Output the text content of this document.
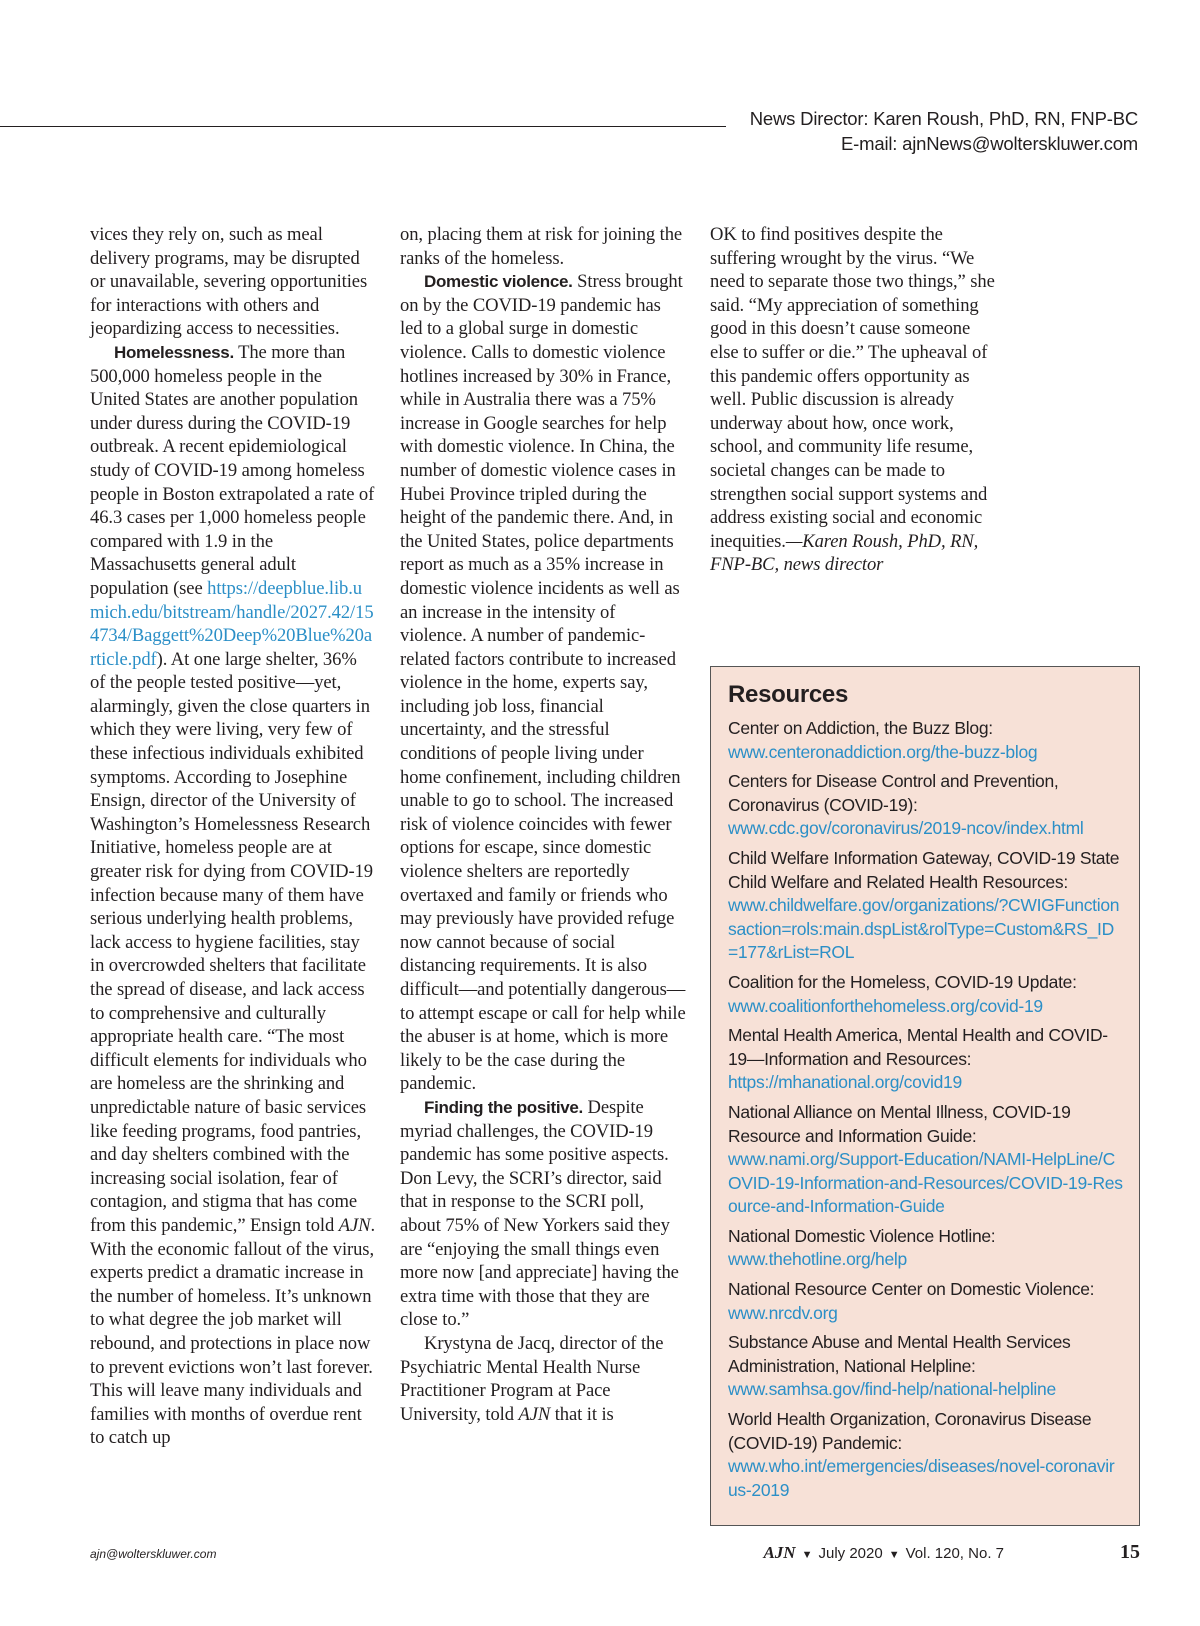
News Director: Karen Roush, PhD, RN, FNP-BC
E-mail: ajnNews@wolterskluwer.com

vices they rely on, such as meal delivery programs, may be disrupted or unavailable, severing opportunities for interactions with others and jeopardizing access to necessities.

Homelessness. The more than 500,000 homeless people in the United States are another population under duress during the COVID-19 outbreak. A recent epidemiological study of COVID-19 among homeless people in Boston extrapolated a rate of 46.3 cases per 1,000 homeless people compared with 1.9 in the Massachusetts general adult population (see https://deepblue.lib.umich.edu/bitstream/handle/2027.42/154734/Baggett%20Deep%20Blue%20article.pdf). At one large shelter, 36% of the people tested positive—yet, alarmingly, given the close quarters in which they were living, very few of these infectious individuals exhibited symptoms. According to Josephine Ensign, director of the University of Washington’s Homelessness Research Initiative, homeless people are at greater risk for dying from COVID-19 infection because many of them have serious underlying health problems, lack access to hygiene facilities, stay in overcrowded shelters that facilitate the spread of disease, and lack access to comprehensive and culturally appropriate health care. “The most difficult elements for individuals who are homeless are the shrinking and unpredictable nature of basic services like feeding programs, food pantries, and day shelters combined with the increasing social isolation, fear of contagion, and stigma that has come from this pandemic,” Ensign told AJN. With the economic fallout of the virus, experts predict a dramatic increase in the number of homeless. It’s unknown to what degree the job market will rebound, and protections in place now to prevent evictions won’t last forever. This will leave many individuals and families with months of overdue rent to catch up

on, placing them at risk for joining the ranks of the homeless.

Domestic violence. Stress brought on by the COVID-19 pandemic has led to a global surge in domestic violence. Calls to domestic violence hotlines increased by 30% in France, while in Australia there was a 75% increase in Google searches for help with domestic violence. In China, the number of domestic violence cases in Hubei Province tripled during the height of the pandemic there. And, in the United States, police departments report as much as a 35% increase in domestic violence incidents as well as an increase in the intensity of violence. A number of pandemic-related factors contribute to increased violence in the home, experts say, including job loss, financial uncertainty, and the stressful conditions of people living under home confinement, including children unable to go to school. The increased risk of violence coincides with fewer options for escape, since domestic violence shelters are reportedly overtaxed and family or friends who may previously have provided refuge now cannot because of social distancing requirements. It is also difficult—and potentially dangerous—to attempt escape or call for help while the abuser is at home, which is more likely to be the case during the pandemic.

Finding the positive. Despite myriad challenges, the COVID-19 pandemic has some positive aspects. Don Levy, the SCRI’s director, said that in response to the SCRI poll, about 75% of New Yorkers said they are “enjoying the small things even more now [and appreciate] having the extra time with those that they are close to.”

Krystyna de Jacq, director of the Psychiatric Mental Health Nurse Practitioner Program at Pace University, told AJN that it is

OK to find positives despite the suffering wrought by the virus. “We need to separate those two things,” she said. “My appreciation of something good in this doesn’t cause someone else to suffer or die.” The upheaval of this pandemic offers opportunity as well. Public discussion is already underway about how, once work, school, and community life resume, societal changes can be made to strengthen social support systems and address existing social and economic inequities.—Karen Roush, PhD, RN, FNP-BC, news director

Resources
Center on Addiction, the Buzz Blog:
www.centeronaddiction.org/the-buzz-blog
Centers for Disease Control and Prevention, Coronavirus (COVID-19):
www.cdc.gov/coronavirus/2019-ncov/index.html
Child Welfare Information Gateway, COVID-19 State Child Welfare and Related Health Resources:
www.childwelfare.gov/organizations/?CWIGFunctionsaction=rols:main.dspList&rolType=Custom&RS_ID=177&rList=ROL
Coalition for the Homeless, COVID-19 Update:
www.coalitionforthehomeless.org/covid-19
Mental Health America, Mental Health and COVID-19—Information and Resources:
https://mhanational.org/covid19
National Alliance on Mental Illness, COVID-19 Resource and Information Guide:
www.nami.org/Support-Education/NAMI-HelpLine/COVID-19-Information-and-Resources/COVID-19-Resource-and-Information-Guide
National Domestic Violence Hotline:
www.thehotline.org/help
National Resource Center on Domestic Violence:
www.nrcdv.org
Substance Abuse and Mental Health Services Administration, National Helpline:
www.samhsa.gov/find-help/national-helpline
World Health Organization, Coronavirus Disease (COVID-19) Pandemic:
www.who.int/emergencies/diseases/novel-coronavirus-2019
ajn@wolterskluwer.com	AJN ▼ July 2020 ▼ Vol. 120, No. 7	15
